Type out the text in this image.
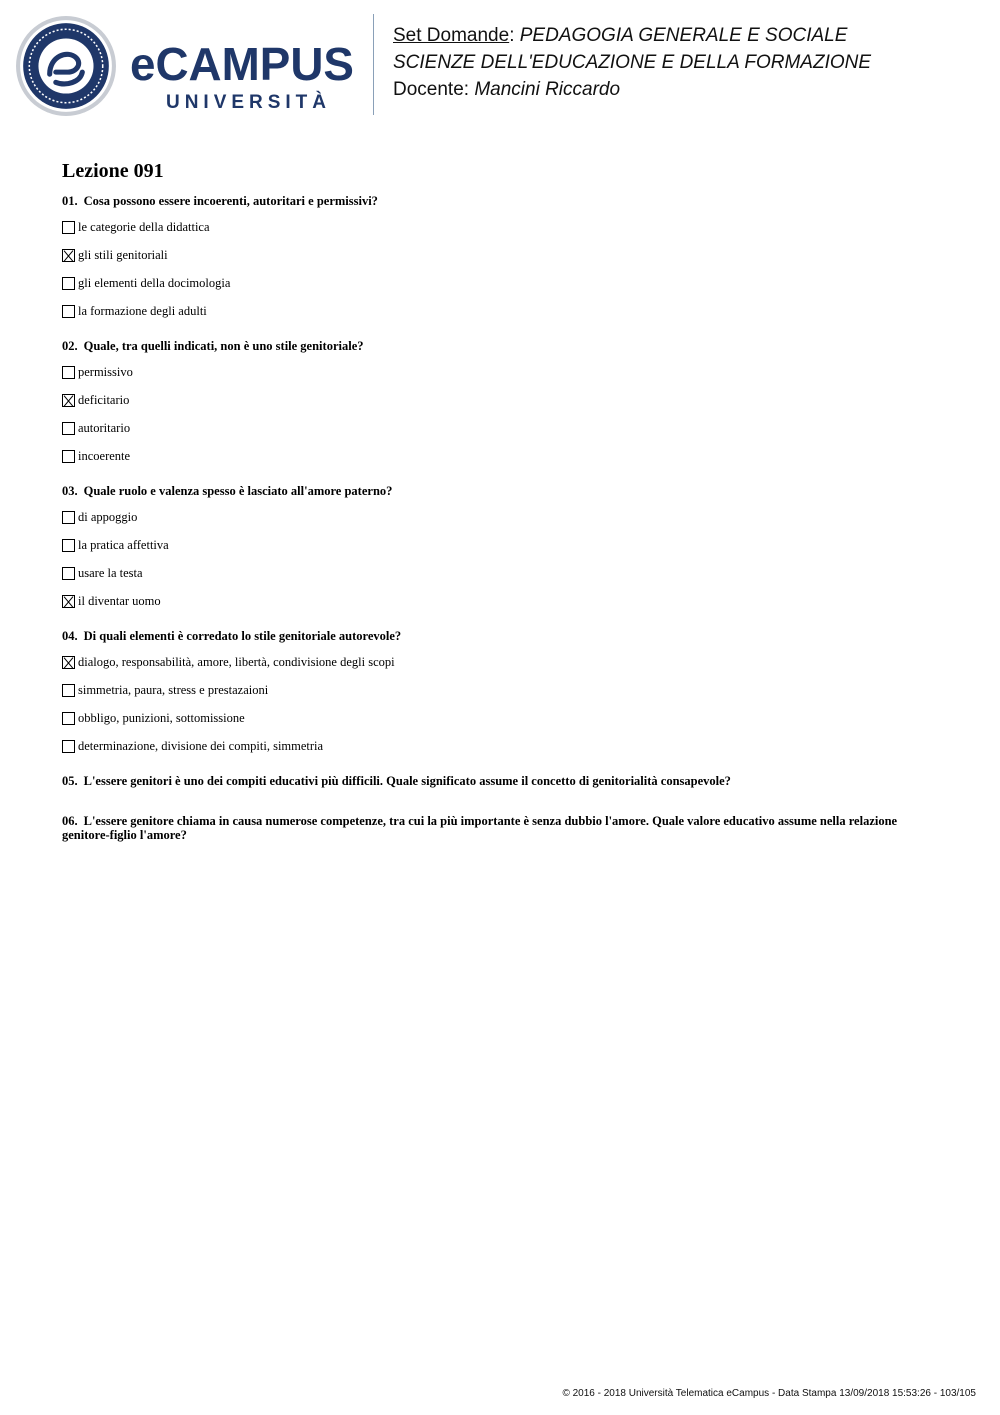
eCAMPUS
UNIVERSITÀ
Set Domande: PEDAGOGIA GENERALE E SOCIALE
SCIENZE DELL'EDUCAZIONE E DELLA FORMAZIONE
Docente: Mancini Riccardo
Lezione 091

01. Cosa possono essere incoerenti, autoritari e permissivi?

le categorie della didattica
gli stili genitoriali
gli elementi della docimologia
la formazione degli adulti

02. Quale, tra quelli indicati, non è uno stile genitoriale?

permissivo
deficitario
autoritario
incoerente

03. Quale ruolo e valenza spesso è lasciato all'amore paterno?

di appoggio
la pratica affettiva
usare la testa
il diventar uomo

04. Di quali elementi è corredato lo stile genitoriale autorevole?

dialogo, responsabilità, amore, libertà, condivisione degli scopi
simmetria, paura, stress e prestazaioni
obbligo, punizioni, sottomissione
determinazione, divisione dei compiti, simmetria

05. L'essere genitori è uno dei compiti educativi più difficili. Quale significato assume il concetto di genitorialità consapevole?

06. L'essere genitore chiama in causa numerose competenze, tra cui la più importante è senza dubbio l'amore. Quale valore educativo assume nella relazione genitore-figlio l'amore?

© 2016 - 2018 Università Telematica eCampus - Data Stampa 13/09/2018 15:53:26 - 103/105
